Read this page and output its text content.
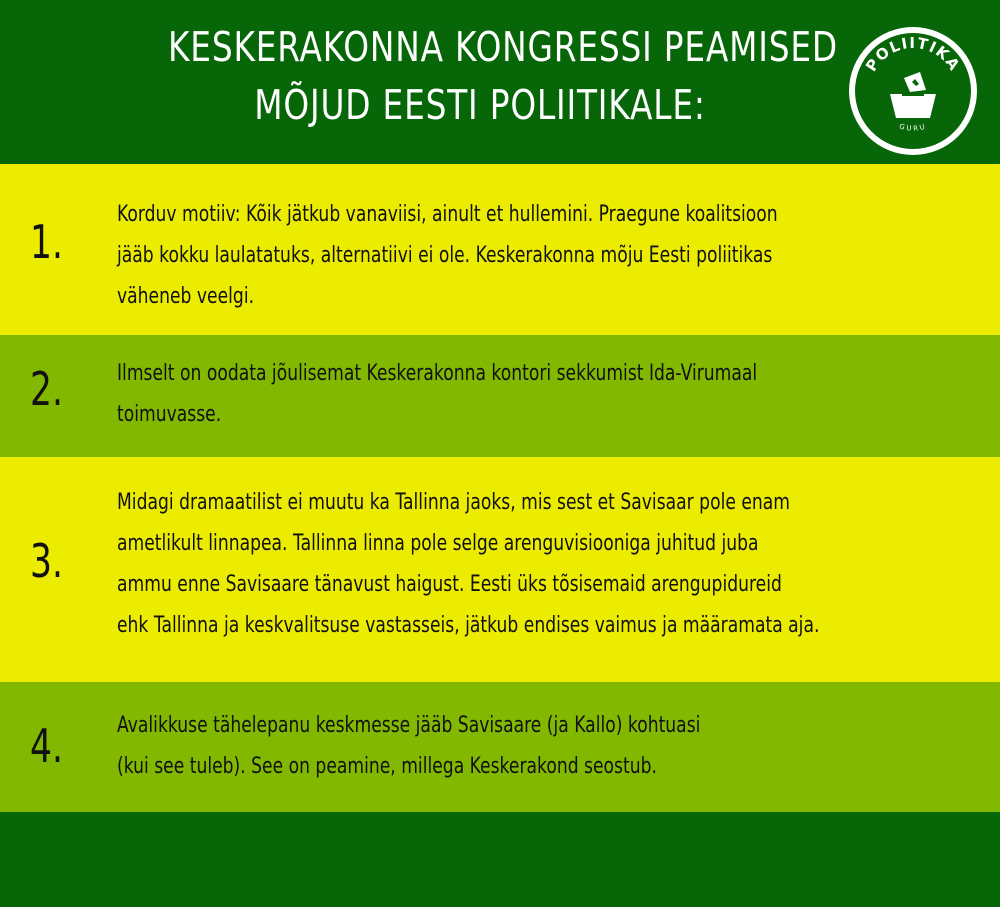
KESKERAKONNA KONGRESSI PEAMISED
MÕJUD EESTI POLIITIKALE:
POLIITIKA
GURU
1.
Korduv motiiv: Kõik jätkub vanaviisi, ainult et hullemini. Praegune koalitsioon
jääb kokku laulatatuks, alternatiivi ei ole. Keskerakonna mõju Eesti poliitikas
väheneb veelgi.
2.	Ilmselt on oodata jõulisemat Keskerakonna kontori sekkumist Ida-Virumaal
toimuvasse.
3.
Midagi dramaatilist ei muutu ka Tallinna jaoks, mis sest et Savisaar pole enam
ametlikult linnapea. Tallinna linna pole selge arenguvisiooniga juhitud juba
ammu enne Savisaare tänavust haigust. Eesti üks tõsisemaid arengupidureid
ehk Tallinna ja keskvalitsuse vastasseis, jätkub endises vaimus ja määramata aja.
4.	Avalikkuse tähelepanu keskmesse jääb Savisaare (ja Kallo) kohtuasi
(kui see tuleb). See on peamine, millega Keskerakond seostub.
